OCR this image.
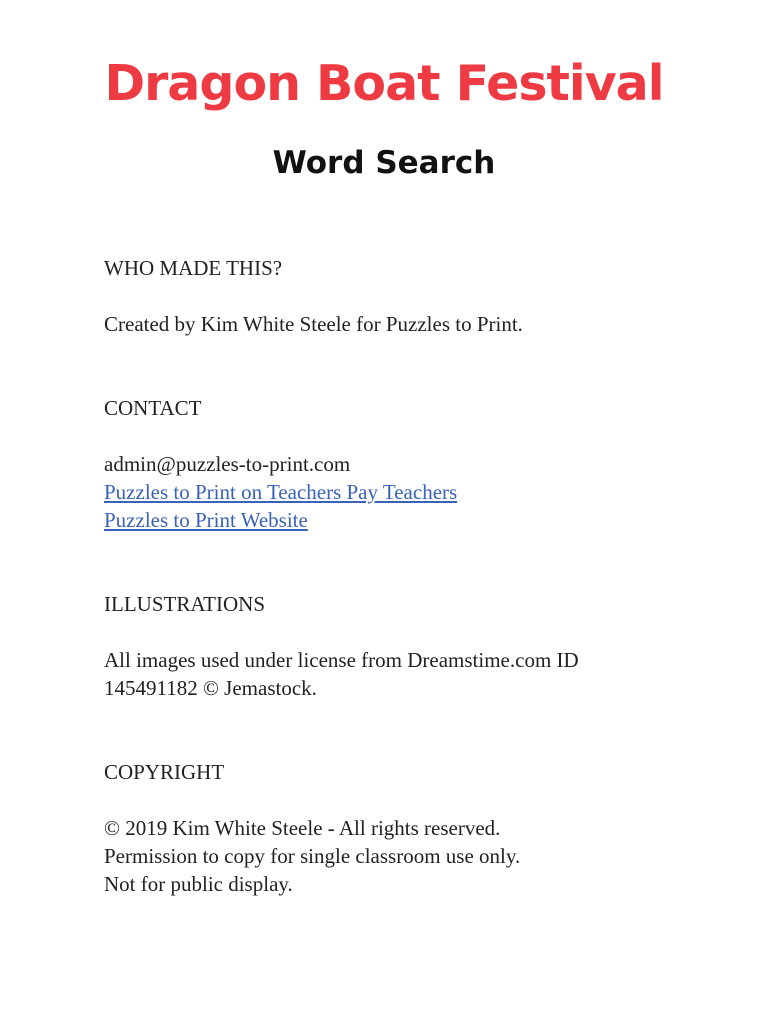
Dragon Boat Festival
Word Search

WHO MADE THIS?

Created by Kim White Steele for Puzzles to Print.

CONTACT

admin@puzzles-to-print.com
Puzzles to Print on Teachers Pay Teachers
Puzzles to Print Website

ILLUSTRATIONS

All images used under license from Dreamstime.com ID
145491182 © Jemastock.

COPYRIGHT

© 2019 Kim White Steele - All rights reserved.
Permission to copy for single classroom use only.
Not for public display.
